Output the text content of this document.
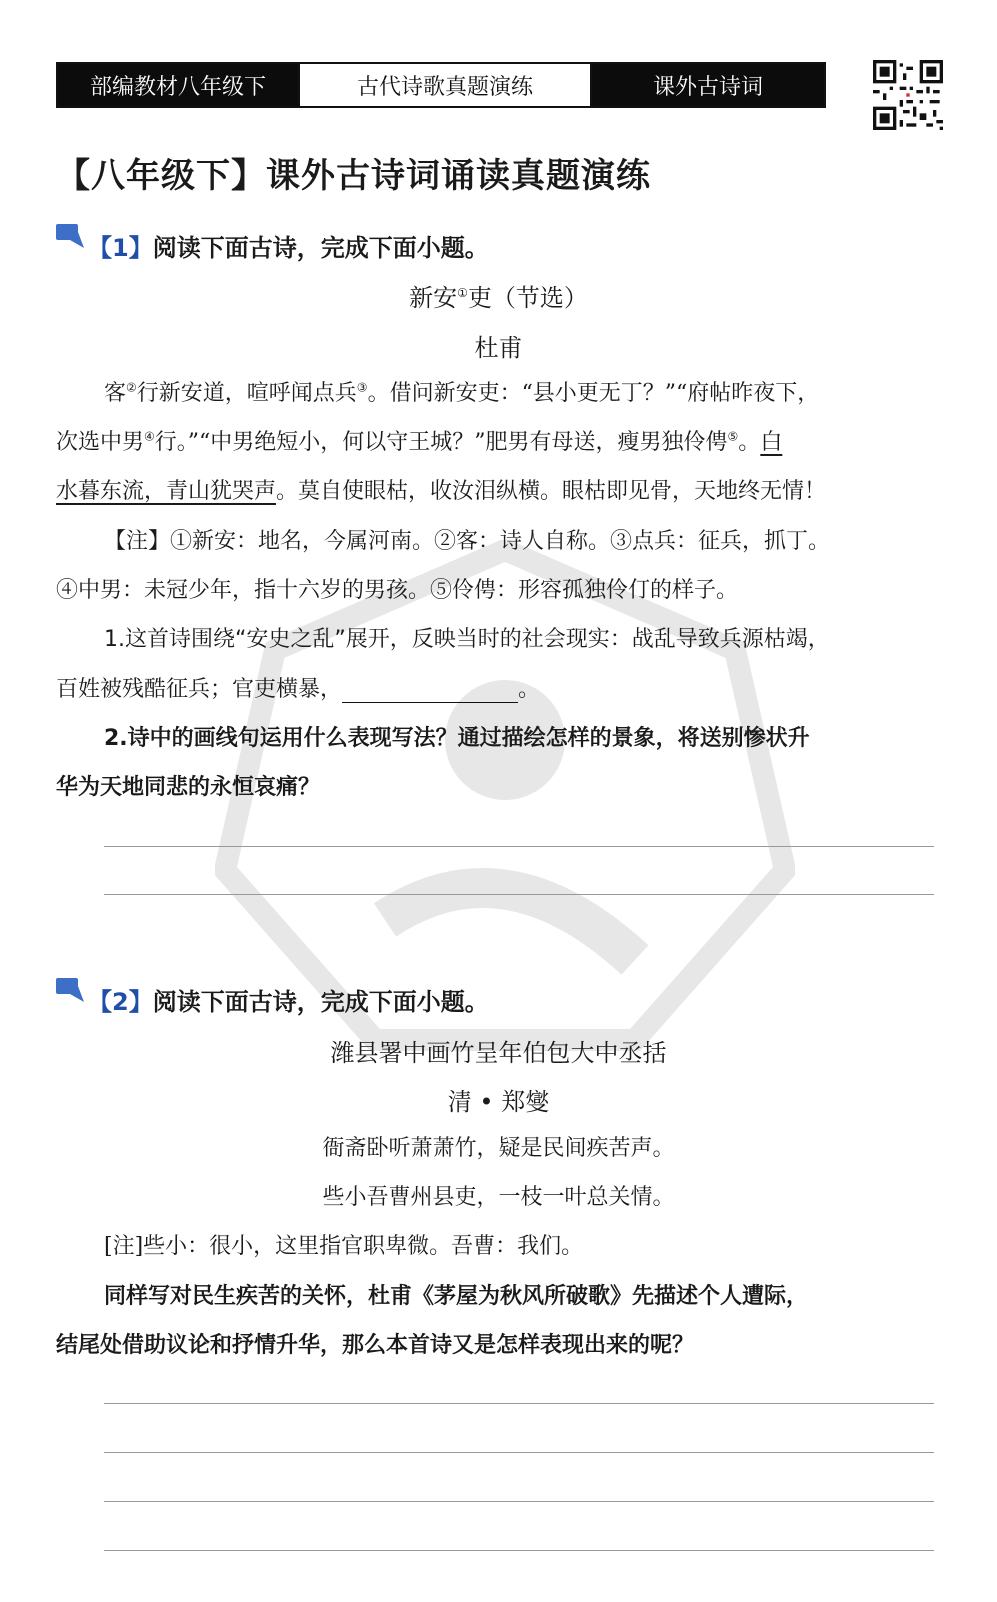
部编教材八年级下	古代诗歌真题演练	课外古诗词
【八年级下】课外古诗词诵读真题演练
【1】 阅读下面古诗，完成下面小题。
新安①吏（节选）
杜甫
客②行新安道，喧呼闻点兵③。借问新安吏：“县小更无丁？”“府帖昨夜下，
次选中男④行。”“中男绝短小，何以守王城？”肥男有母送，瘦男独伶俜⑤。白
水暮东流，青山犹哭声。莫自使眼枯，收汝泪纵横。眼枯即见骨，天地终无情！
【注】①新安：地名，今属河南。②客：诗人自称。③点兵：征兵，抓丁。
④中男：未冠少年，指十六岁的男孩。⑤伶俜：形容孤独伶仃的样子。
1.这首诗围绕“安史之乱”展开，反映当时的社会现实：战乱导致兵源枯竭，
百姓被残酷征兵；官吏横暴，	。
2.诗中的画线句运用什么表现写法？通过描绘怎样的景象，将送别惨状升
华为天地同悲的永恒哀痛？
【2】 阅读下面古诗，完成下面小题。
潍县署中画竹呈年伯包大中丞括
清 • 郑燮
衙斋卧听萧萧竹，疑是民间疾苦声。
些小吾曹州县吏，一枝一叶总关情。
[注]些小：很小，这里指官职卑微。吾曹：我们。
同样写对民生疾苦的关怀，杜甫《茅屋为秋风所破歌》先描述个人遭际，
结尾处借助议论和抒情升华，那么本首诗又是怎样表现出来的呢？
